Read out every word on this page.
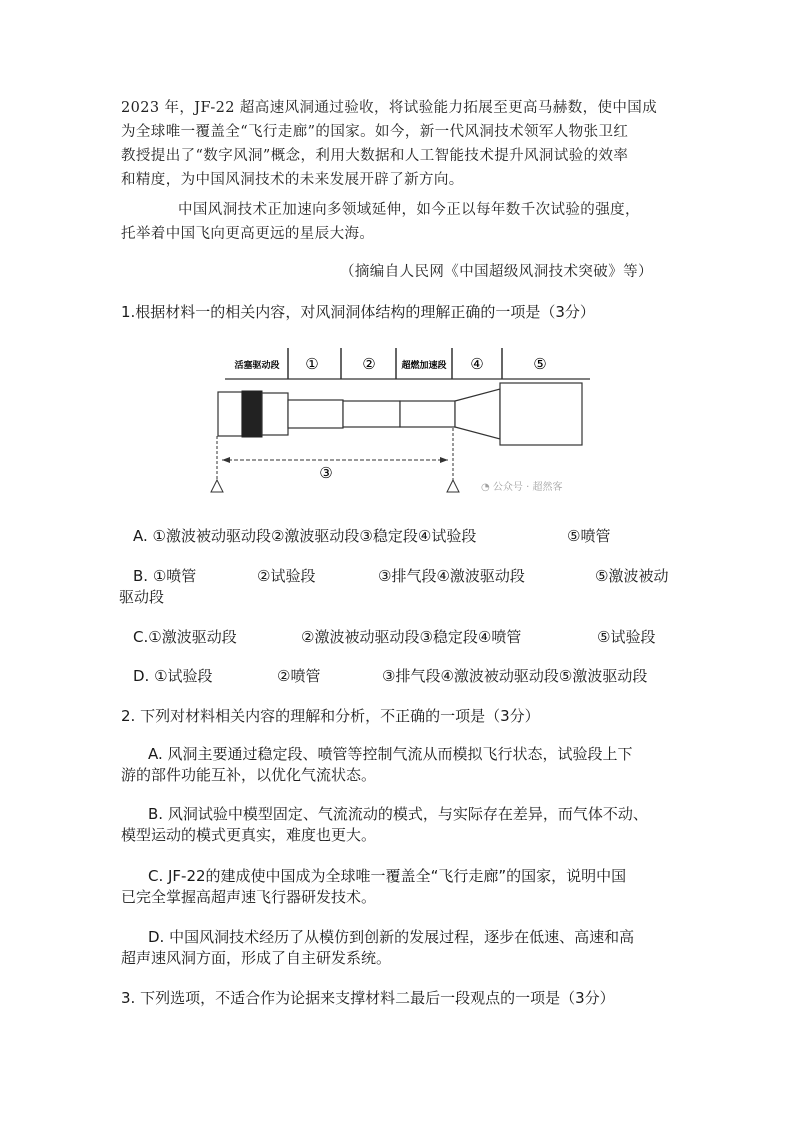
2023 年，JF-22 超高速风洞通过验收，将试验能力拓展至更高马赫数，使中国成
为全球唯一覆盖全“飞行走廊”的国家。如今，新一代风洞技术领军人物张卫红
教授提出了“数字风洞”概念，利用大数据和人工智能技术提升风洞试验的效率
和精度，为中国风洞技术的未来发展开辟了新方向。
中国风洞技术正加速向多领域延伸，如今正以每年数千次试验的强度，
托举着中国飞向更高更远的星辰大海。
（摘编自人民网《中国超级风洞技术突破》等）
1.根据材料一的相关内容，对风洞洞体结构的理解正确的一项是（3分）
活塞驱动段 ①	②	超燃加速段 ④	⑤
③
◔ 公众号 · 超然客
A. ①激波被动驱动段②激波驱动段③稳定段④试验段	⑤喷管
B. ①喷管	②试验段	③排气段④激波驱动段	⑤激波被动
驱动段
C.①激波驱动段	②激波被动驱动段③稳定段④喷管	⑤试验段
D. ①试验段	②喷管	③排气段④激波被动驱动段⑤激波驱动段
2. 下列对材料相关内容的理解和分析，不正确的一项是（3分）
A. 风洞主要通过稳定段、喷管等控制气流从而模拟飞行状态，试验段上下
游的部件功能互补，以优化气流状态。
B. 风洞试验中模型固定、气流流动的模式，与实际存在差异，而气体不动、
模型运动的模式更真实，难度也更大。
C. JF-22的建成使中国成为全球唯一覆盖全“飞行走廊”的国家，说明中国
已完全掌握高超声速飞行器研发技术。
D. 中国风洞技术经历了从模仿到创新的发展过程，逐步在低速、高速和高
超声速风洞方面，形成了自主研发系统。
3. 下列选项，不适合作为论据来支撑材料二最后一段观点的一项是（3分）
